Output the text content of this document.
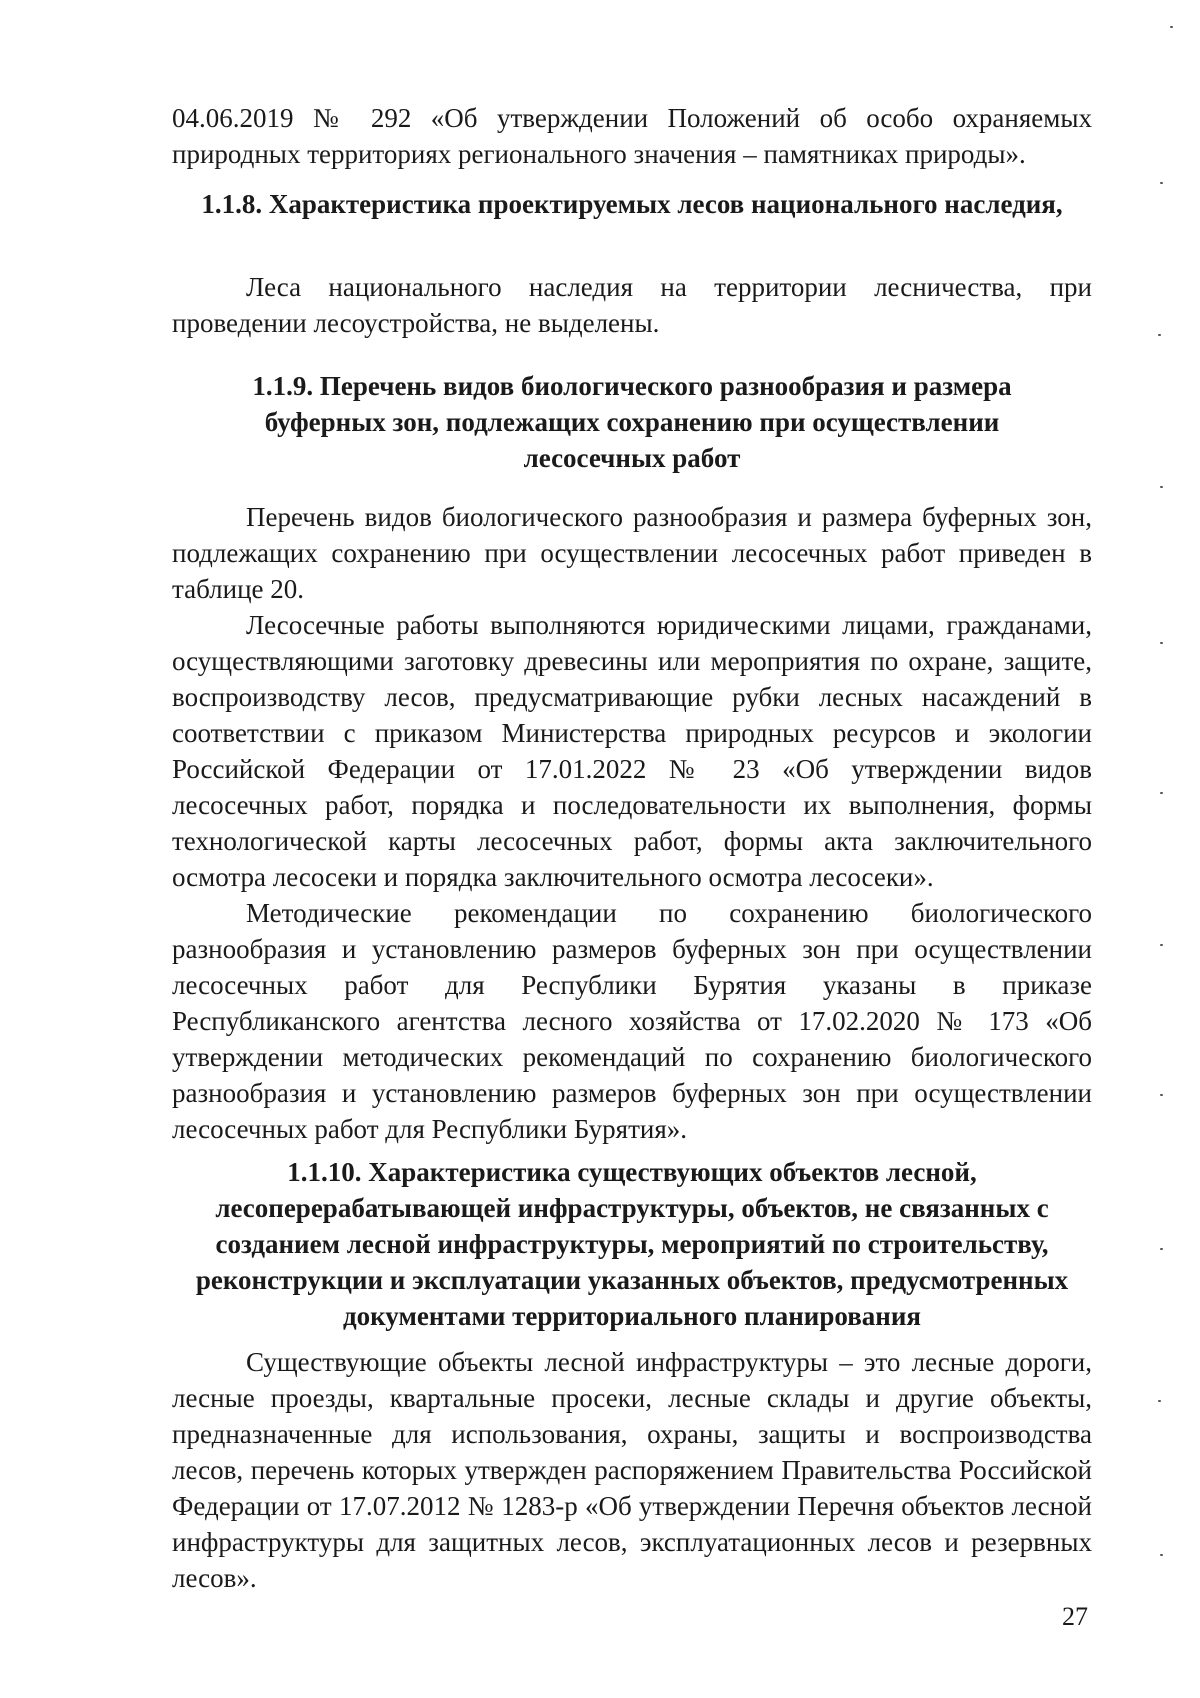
04.06.2019 № 292 «Об утверждении Положений об особо охраняемых природных территориях регионального значения – памятниках природы».

1.1.8. Характеристика проектируемых лесов национального наследия,

Леса национального наследия на территории лесничества, при проведении лесоустройства, не выделены.

1.1.9. Перечень видов биологического разнообразия и размера буферных зон, подлежащих сохранению при осуществлении лесосечных работ

Перечень видов биологического разнообразия и размера буферных зон, подлежащих сохранению при осуществлении лесосечных работ приведен в таблице 20.

Лесосечные работы выполняются юридическими лицами, гражданами, осуществляющими заготовку древесины или мероприятия по охране, защите, воспроизводству лесов, предусматривающие рубки лесных насаждений в соответствии с приказом Министерства природных ресурсов и экологии Российской Федерации от 17.01.2022 № 23 «Об утверждении видов лесосечных работ, порядка и последовательности их выполнения, формы технологической карты лесосечных работ, формы акта заключительного осмотра лесосеки и порядка заключительного осмотра лесосеки».

Методические рекомендации по сохранению биологического разнообразия и установлению размеров буферных зон при осуществлении лесосечных работ для Республики Бурятия указаны в приказе Республиканского агентства лесного хозяйства от 17.02.2020 № 173 «Об утверждении методических рекомендаций по сохранению биологического разнообразия и установлению размеров буферных зон при осуществлении лесосечных работ для Республики Бурятия».

1.1.10. Характеристика существующих объектов лесной, лесоперерабатывающей инфраструктуры, объектов, не связанных с созданием лесной инфраструктуры, мероприятий по строительству, реконструкции и эксплуатации указанных объектов, предусмотренных документами территориального планирования

Существующие объекты лесной инфраструктуры – это лесные дороги, лесные проезды, квартальные просеки, лесные склады и другие объекты, предназначенные для использования, охраны, защиты и воспроизводства лесов, перечень которых утвержден распоряжением Правительства Российской Федерации от 17.07.2012 № 1283-р «Об утверждении Перечня объектов лесной инфраструктуры для защитных лесов, эксплуатационных лесов и резервных лесов».

27
